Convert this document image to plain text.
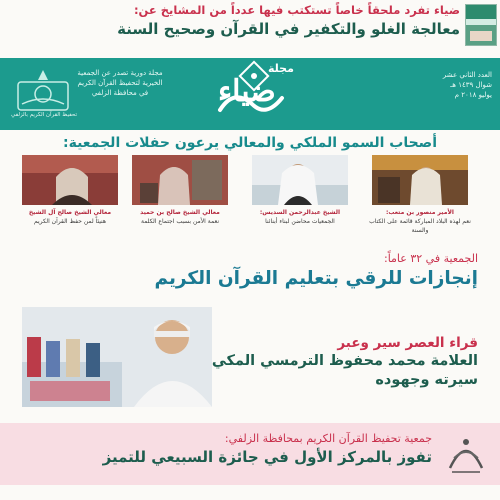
ضياء تفرد ملحقاً خاصاً تستكتب فيها عدداً من المشايخ عن:
معالجة الغلو والتكفير في القرآن وصحيح السنة
تحفيظ القرآن الكريم بالزلفي
مجلة دورية تصدر عن الجمعية
الخيرية لتحفيظ القرآن الكريم
في محافظة الزلفي
مجلة
ضياء	العدد الثاني عشر
شوال ١٤٣٩ هـ
يوليو ٢٠١٨ م
أصحاب السمو الملكي والمعالي يرعون حفلات الجمعية:
معالي الشيخ صالح آل الشيخ
هنيئاً لمن حفظ القرآن الكريم
معالي الشيخ صالح بن حميد
نعمة الأمن بسبب اجتماع الكلمة
الشيخ عبدالرحمن السديس:
الجمعيات محاضن لبناء أبنائنا
الأمير منصور بن متعب:
نعم لهذه البلاد المباركة قائمة على الكتاب والسنة
الجمعية في ٣٢ عاماً:
إنجازات للرقي بتعليم القرآن الكريم
قراء العصر سير وعبر
العلامة محمد محفوظ الترمسي المكي
سيرته وجهوده
جمعية تحفيظ القرآن الكريم بمحافظة الزلفي:
تفوز بالمركز الأول في جائزة السبيعي للتميز
